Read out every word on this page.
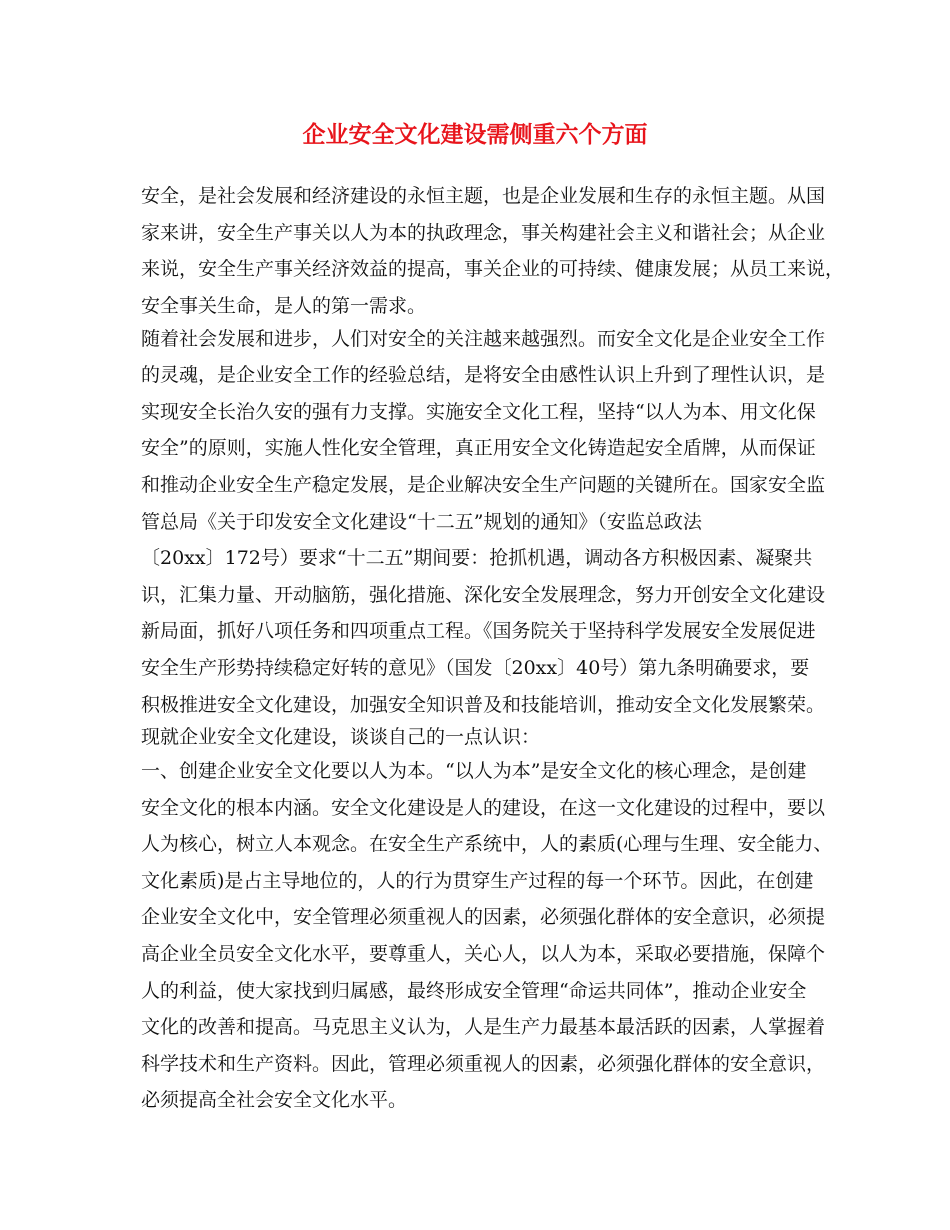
企业安全文化建设需侧重六个方面
安全，是社会发展和经济建设的永恒主题，也是企业发展和生存的永恒主题。从国
家来讲，安全生产事关以人为本的执政理念，事关构建社会主义和谐社会；从企业
来说，安全生产事关经济效益的提高，事关企业的可持续、健康发展；从员工来说，
安全事关生命，是人的第一需求。
随着社会发展和进步，人们对安全的关注越来越强烈。而安全文化是企业安全工作
的灵魂，是企业安全工作的经验总结，是将安全由感性认识上升到了理性认识，是
实现安全长治久安的强有力支撑。实施安全文化工程，坚持“以人为本、用文化保
安全”的原则，实施人性化安全管理，真正用安全文化铸造起安全盾牌，从而保证
和推动企业安全生产稳定发展，是企业解决安全生产问题的关键所在。国家安全监
管总局《关于印发安全文化建设“十二五”规划的通知》（安监总政法
〔20xx〕172号）要求“十二五”期间要：抢抓机遇，调动各方积极因素、凝聚共
识，汇集力量、开动脑筋，强化措施、深化安全发展理念，努力开创安全文化建设
新局面，抓好八项任务和四项重点工程。《国务院关于坚持科学发展安全发展促进
安全生产形势持续稳定好转的意见》（国发〔20xx〕40号）第九条明确要求，要
积极推进安全文化建设，加强安全知识普及和技能培训，推动安全文化发展繁荣。
现就企业安全文化建设，谈谈自己的一点认识：
一、创建企业安全文化要以人为本。“以人为本”是安全文化的核心理念，是创建
安全文化的根本内涵。安全文化建设是人的建设，在这一文化建设的过程中，要以
人为核心，树立人本观念。在安全生产系统中，人的素质(心理与生理、安全能力、
文化素质)是占主导地位的，人的行为贯穿生产过程的每一个环节。因此，在创建
企业安全文化中，安全管理必须重视人的因素，必须强化群体的安全意识，必须提
高企业全员安全文化水平，要尊重人，关心人，以人为本，采取必要措施，保障个
人的利益，使大家找到归属感，最终形成安全管理“命运共同体”，推动企业安全
文化的改善和提高。马克思主义认为，人是生产力最基本最活跃的因素，人掌握着
科学技术和生产资料。因此，管理必须重视人的因素，必须强化群体的安全意识，
必须提高全社会安全文化水平。
